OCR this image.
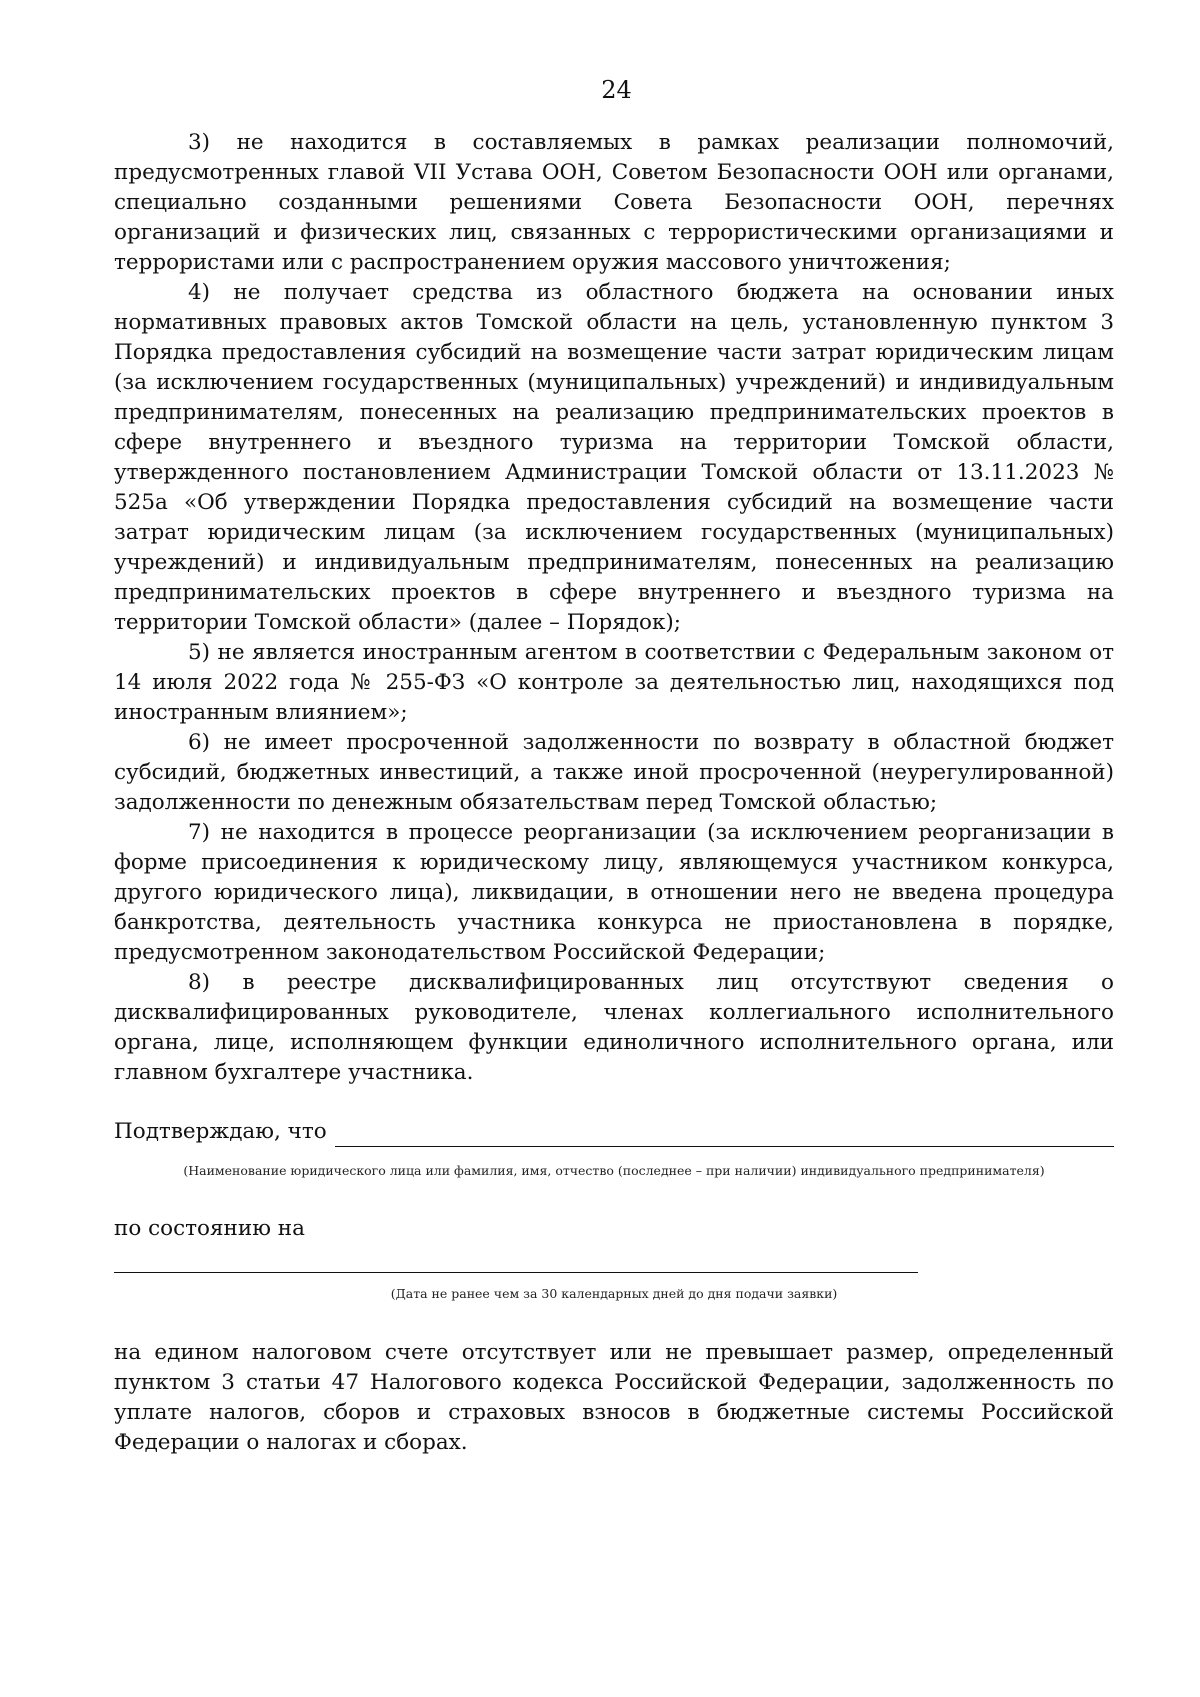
24

3) не находится в составляемых в рамках реализации полномочий, предусмотренных главой VII Устава ООН, Советом Безопасности ООН или органами, специально созданными решениями Совета Безопасности ООН, перечнях организаций и физических лиц, связанных с террористическими организациями и террористами или с распространением оружия массового уничтожения;

4) не получает средства из областного бюджета на основании иных нормативных правовых актов Томской области на цель, установленную пунктом 3 Порядка предоставления субсидий на возмещение части затрат юридическим лицам (за исключением государственных (муниципальных) учреждений) и индивидуальным предпринимателям, понесенных на реализацию предпринимательских проектов в сфере внутреннего и въездного туризма на территории Томской области, утвержденного постановлением Администрации Томской области от 13.11.2023 № 525а «Об утверждении Порядка предоставления субсидий на возмещение части затрат юридическим лицам (за исключением государственных (муниципальных) учреждений) и индивидуальным предпринимателям, понесенных на реализацию предпринимательских проектов в сфере внутреннего и въездного туризма на территории Томской области» (далее – Порядок);

5) не является иностранным агентом в соответствии с Федеральным законом от 14 июля 2022 года № 255-ФЗ «О контроле за деятельностью лиц, находящихся под иностранным влиянием»;

6) не имеет просроченной задолженности по возврату в областной бюджет субсидий, бюджетных инвестиций, а также иной просроченной (неурегулированной) задолженности по денежным обязательствам перед Томской областью;

7) не находится в процессе реорганизации (за исключением реорганизации в форме присоединения к юридическому лицу, являющемуся участником конкурса, другого юридического лица), ликвидации, в отношении него не введена процедура банкротства, деятельность участника конкурса не приостановлена в порядке, предусмотренном законодательством Российской Федерации;

8) в реестре дисквалифицированных лиц отсутствуют сведения о дисквалифицированных руководителе, членах коллегиального исполнительного органа, лице, исполняющем функции единоличного исполнительного органа, или главном бухгалтере участника.

Подтверждаю, что
(Наименование юридического лица или фамилия, имя, отчество (последнее – при наличии) индивидуального предпринимателя)
по состоянию на
(Дата не ранее чем за 30 календарных дней до дня подачи заявки)

на едином налоговом счете отсутствует или не превышает размер, определенный пунктом 3 статьи 47 Налогового кодекса Российской Федерации, задолженность по уплате налогов, сборов и страховых взносов в бюджетные системы Российской Федерации о налогах и сборах.
